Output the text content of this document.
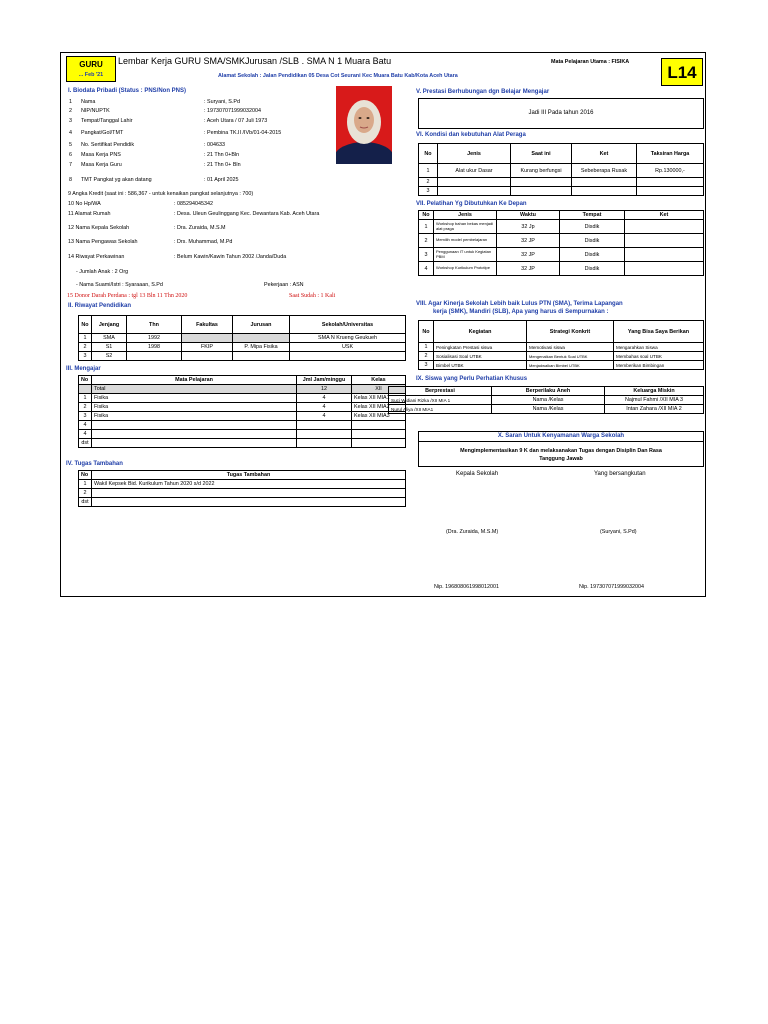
GURU
... Feb '21
Lembar Kerja GURU SMA/SMKJurusan /SLB . SMA N 1 Muara Batu	Mata Pelajaran Utama : FISIKA
Alamat Sekolah : Jalan Pendidikan 05 Desa Cot Seurani Kec Muara Batu Kab/Kota Aceh Utara	L14
I. Biodata Pribadi (Status : PNS/Non PNS)
1 Nama	: Suryani, S.Pd
2 NIP/NUPTK	: 197307071999032004
3 Tempat/Tanggal Lahir	: Aceh Utara / 07 Juli 1973
4 Pangkat/Gol/TMT	: Pembina TK.II /IVb/01-04-2015
5 No. Sertifikat Pendidik	: 004633
6 Masa Kerja PNS	: 21 Thn 0+Bln
7 Masa Kerja Guru	: 21 Thn 0+ Bln
8 TMT Pangkat yg akan datang	: 01 April 2025
9 Angka Kredit (saat ini : 586,367 - untuk kenaikan pangkat selanjutnya : 700)
10 No Hp/WA	: 085294045342
11 Alamat Rumah	: Desa. Uleun Geulinggang Kec. Dewantara Kab. Aceh Utara
12 Nama Kepala Sekolah	: Dra. Zuraida, M.S.M
13 Nama Pengawas Sekolah	: Drs. Muhammad, M.Pd
14 Riwayat Perkawinan	: Belum Kawin/Kawin Tahun 2002 /Janda/Duda
- Jumlah Anak : 2 Org
- Nama Suami/Istri : Syaraaan, S.Pd	Pekerjaan : ASN
15 Donor Darah Perdana : tgl 13 Bln 11 Thn 2020	Saat Sudah : 1 Kali
II. Riwayat Pendidikan
No	Jenjang	Thn	Fakultas	Jurusan	Sekolah/Universitas
1	SMA	1992			SMA N Krueng Geukueh
2	S1	1998	FKIP	P. Mipa Fisika	USK
3	S2				
III. Mengajar
No	Mata Pelajaran	Jml Jam/minggu	Kelas
	Total	12	XII
1	Fisika	4	Kelas XII MIA1
2	Fisika	4	Kelas XII MIA2
3	Fisika	4	Kelas XII MIA3
4			
4			
dst			
IV. Tugas Tambahan
No	Tugas Tambahan
1	Wakil Kepsek Bid. Kurikulum Tahun 2020 s/d 2022
2	
dst	
V. Prestasi Berhubungan dgn Belajar Mengajar
Jadi III Pada tahun 2016
VI. Kondisi dan kebutuhan Alat Peraga
No	Jenis	Saat ini	Ket	Taksiran Harga
1	Alat ukur Dasar	Kurang berfungsi	Sebeberapa Rusak	Rp.130000,-
2				
3				
VII. Pelatihan Yg Dibutuhkan Ke Depan
No	Jenis	Waktu	Tempat	Ket
1	Workshop bahan bekas menjadi alat praga	32 Jp	Disdik	
2	Memilih model pembelajaran	32 JP	Disdik	
3	Penggunaan IT untuk Kegiatan PBM	32 JP	Disdik	
4	Workshop Kurikulum Prototipe	32 JP	Disdik	
VIII. Agar Kinerja Sekolah Lebih baik Lulus PTN (SMA), Terima Lapangan
kerja (SMK), Mandiri (SLB), Apa yang harus di Sempurnakan :
No	Kegiatan	Strategi Konkrit	Yang Bisa Saya Berikan
1	Peningkatan Prestasi siswa	Memotivasi siswa	Mengarahkan Siswa
2	Sosialisasi Soal UTBK	Mengenalkan Bentuk Soal UTBK	Membahas soal UTBK
3	Bimbel UTBK	Menjadwalkan Bimbel UTBK	Memberikan Bimbingan
IX. Siswa yang Perlu Perhatian Khusus
Berprestasi	Berperilaku Aneh	Keluarga Miskin
Suci Widiani Rizka /XII MIA 1	Nama /Kelas	Najmul Fahmi /XII MIA 3
Nurul Aliya /XII MIA1	Nama /Kelas	Intan Zahara /XII MIA 2
X. Saran Untuk Kenyamanan Warga Sekolah
Mengimplementasikan 9 K dan melaksanakan Tugas dengan Disiplin Dan Rasa
Tanggung Jawab
Kepala Sekolah	Yang bersangkutan
(Dra. Zuraida, M.S.M)	(Suryani, S.Pd)
Nip. 196808061998012001	Nip. 197307071999032004
